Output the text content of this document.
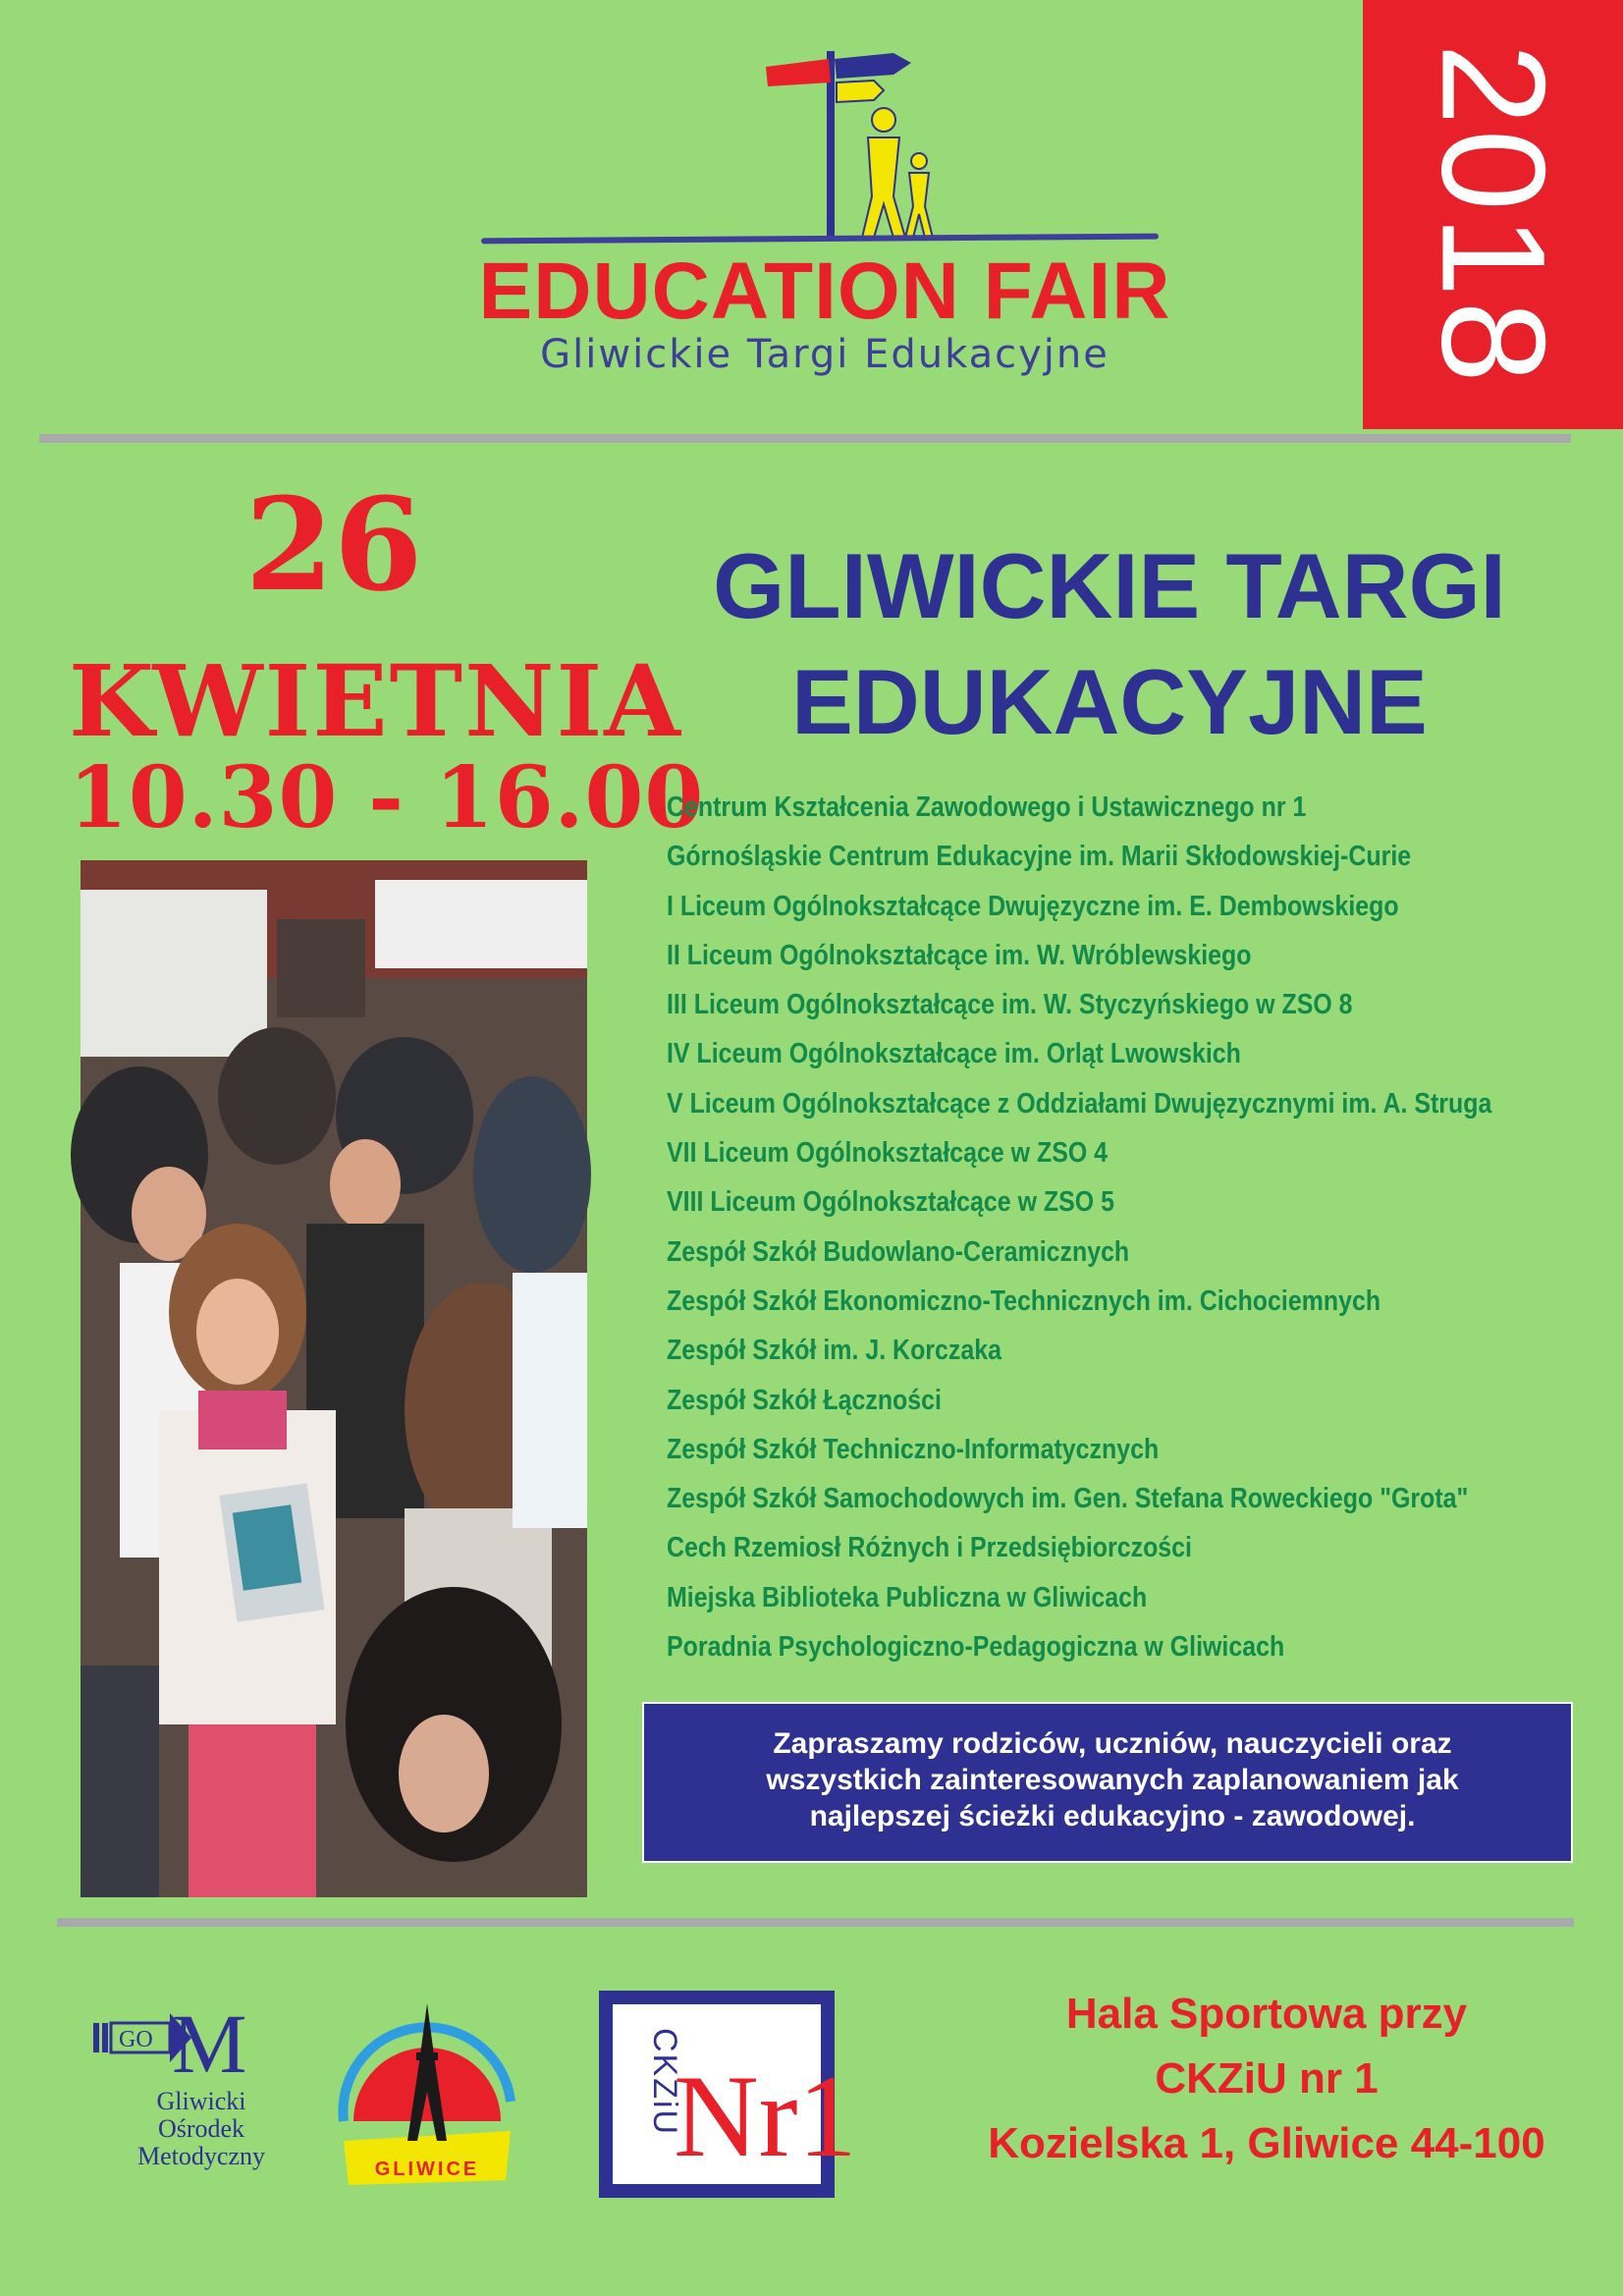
2018
EDUCATION FAIR
Gliwickie Targi Edukacyjne
26
KWIETNIA
10.30 - 16.00
GLIWICKIE TARGI
EDUKACYJNE
Centrum Kształcenia Zawodowego i Ustawicznego nr 1
Górnośląskie Centrum Edukacyjne im. Marii Skłodowskiej-Curie
I Liceum Ogólnokształcące Dwujęzyczne im. E. Dembowskiego
II Liceum Ogólnokształcące im. W. Wróblewskiego
III Liceum Ogólnokształcące im. W. Styczyńskiego w ZSO 8
IV Liceum Ogólnokształcące im. Orląt Lwowskich
V Liceum Ogólnokształcące z Oddziałami Dwujęzycznymi im. A. Struga
VII Liceum Ogólnokształcące w ZSO 4
VIII Liceum Ogólnokształcące w ZSO 5
Zespół Szkół Budowlano-Ceramicznych
Zespół Szkół Ekonomiczno-Technicznych im. Cichociemnych
Zespół Szkół im. J. Korczaka
Zespół Szkół Łączności
Zespół Szkół Techniczno-Informatycznych
Zespół Szkół Samochodowych im. Gen. Stefana Roweckiego "Grota"
Cech Rzemiosł Różnych i Przedsiębiorczości
Miejska Biblioteka Publiczna w Gliwicach
Poradnia Psychologiczno-Pedagogiczna w Gliwicach
Zapraszamy rodziców, uczniów, nauczycieli oraz
wszystkich zainteresowanych zaplanowaniem jak
najlepszej ścieżki edukacyjno - zawodowej.
GO M
Gliwicki
Ośrodek
Metodyczny	GLIWICE
CKZiU
Nr1
Hala Sportowa przy
CKZiU nr 1
Kozielska 1, Gliwice 44-100
